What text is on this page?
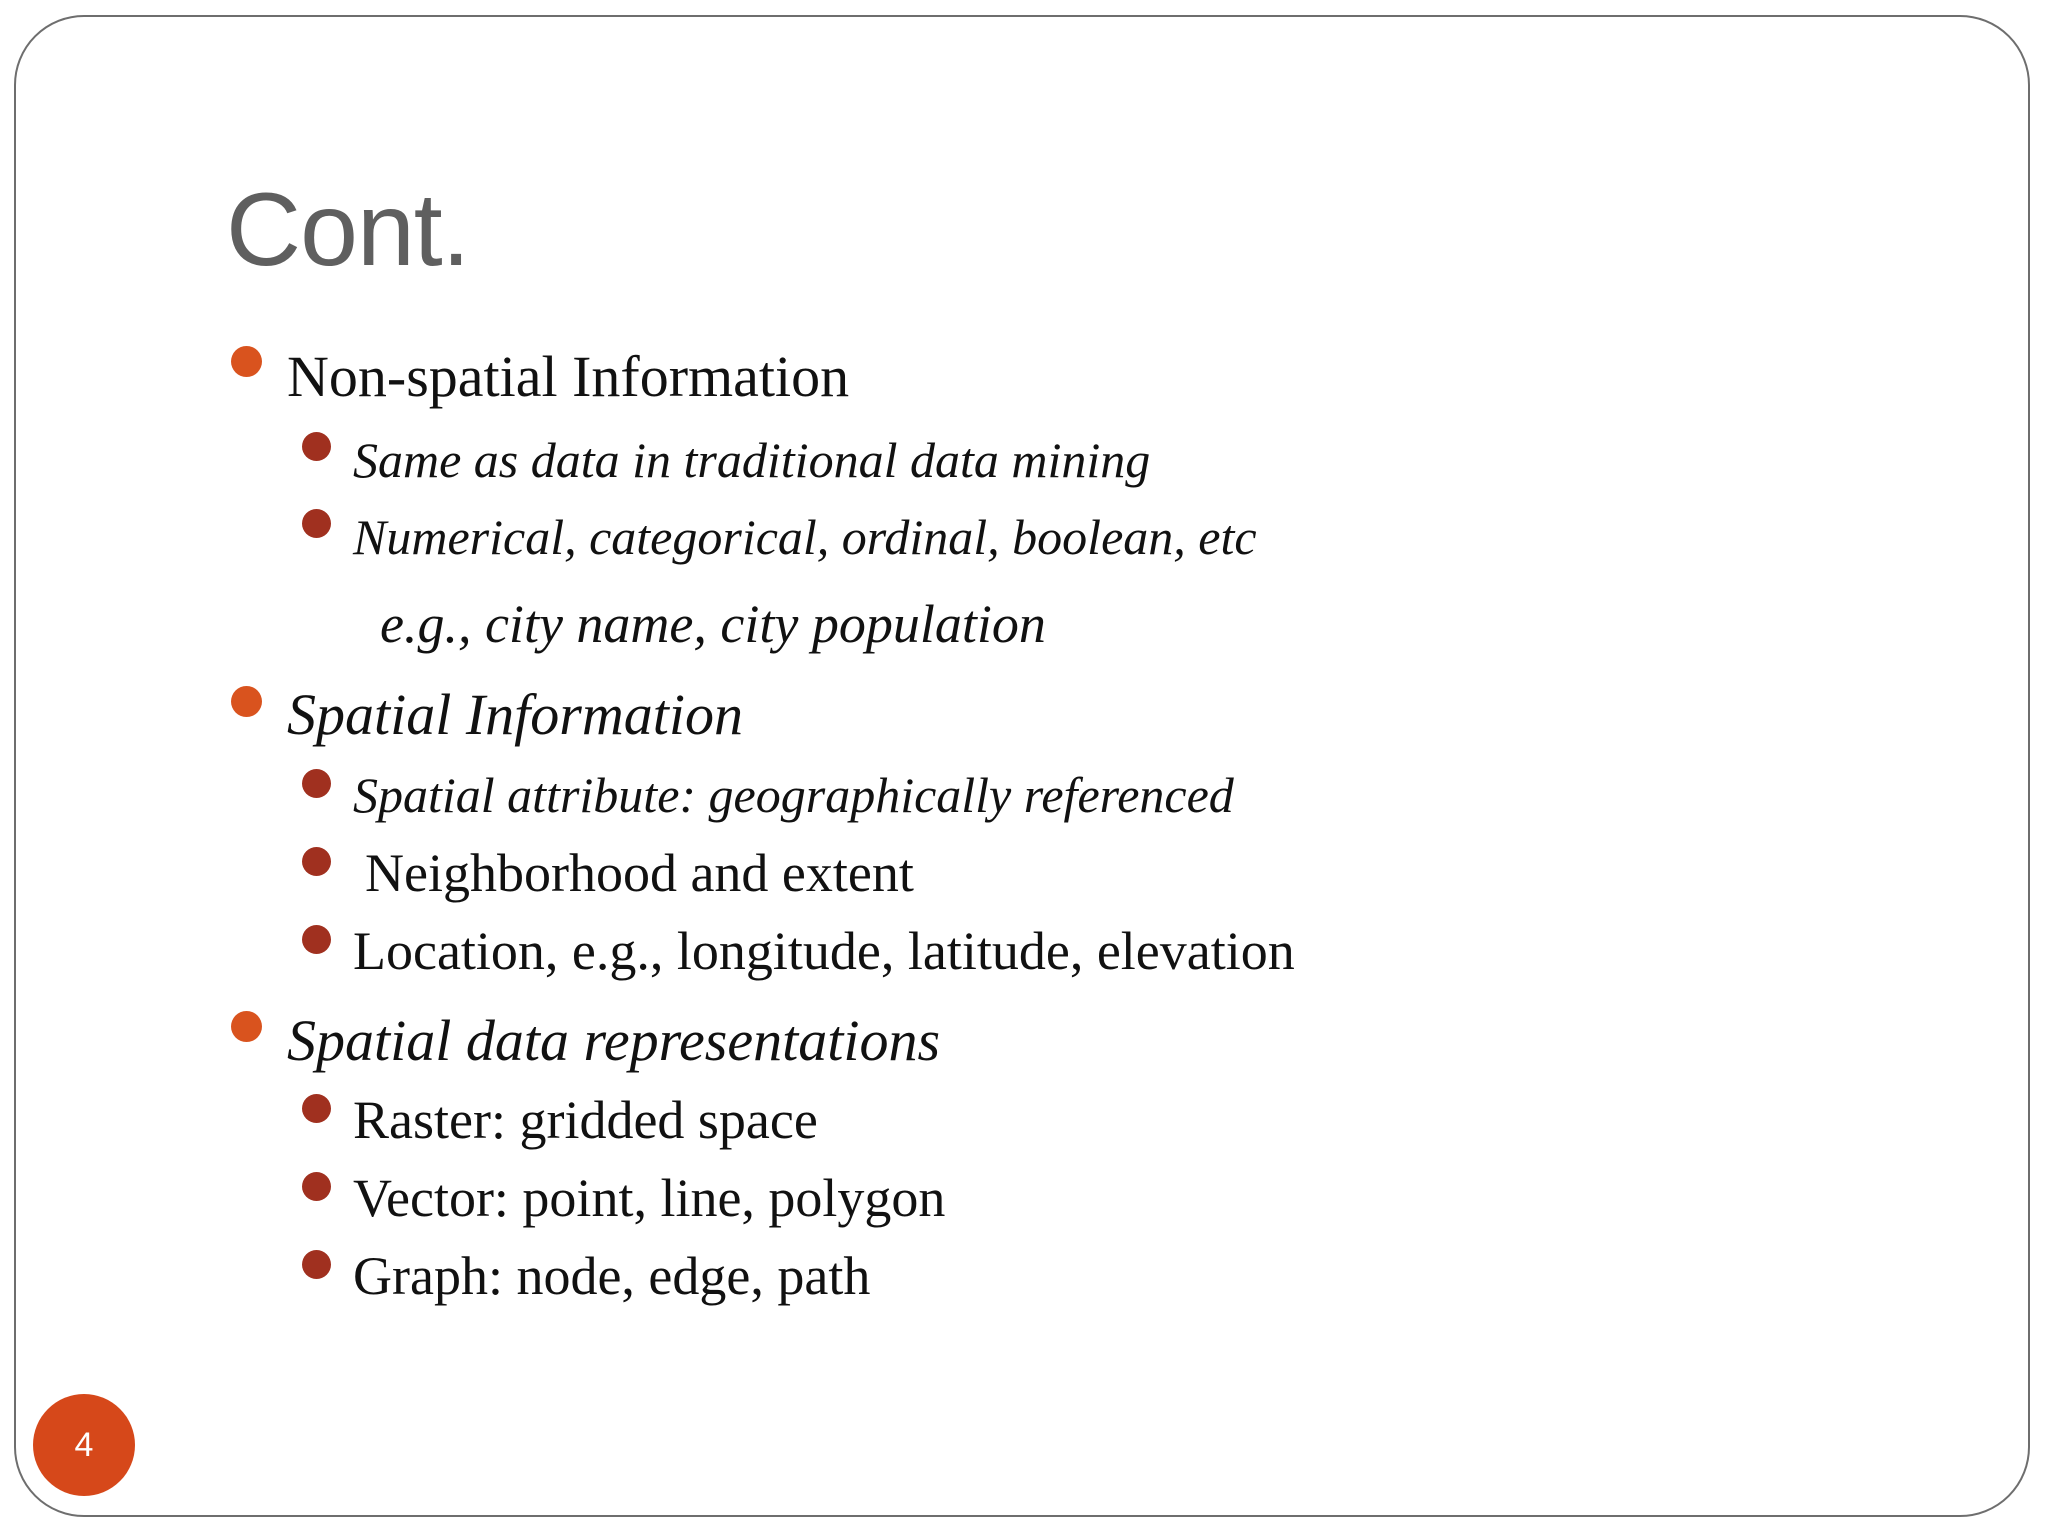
Cont.
Non-spatial Information
Same as data in traditional data mining
Numerical, categorical, ordinal, boolean, etc
e.g., city name, city population
Spatial Information
Spatial attribute: geographically referenced
Neighborhood and extent
Location, e.g., longitude, latitude, elevation
Spatial data representations
Raster: gridded space
Vector: point, line, polygon
Graph: node, edge, path
4
